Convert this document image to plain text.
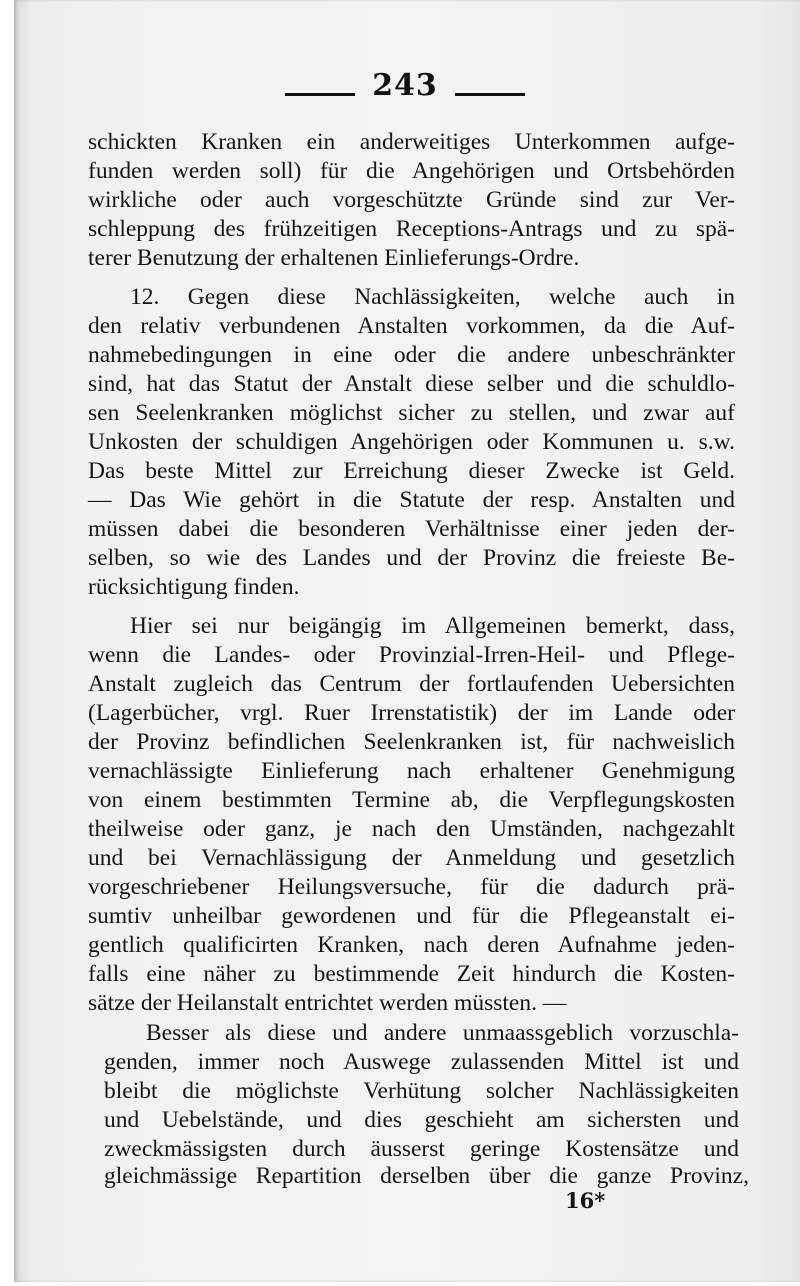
243
schickten Kranken ein anderweitiges Unterkommen aufge-
funden werden soll) für die Angehörigen und Ortsbehörden
wirkliche oder auch vorgeschützte Gründe sind zur Ver-
schleppung des frühzeitigen Receptions-Antrags und zu spä-
terer Benutzung der erhaltenen Einlieferungs-Ordre.
12. Gegen diese Nachlässigkeiten, welche auch in
den relativ verbundenen Anstalten vorkommen, da die Auf-
nahmebedingungen in eine oder die andere unbeschränkter
sind, hat das Statut der Anstalt diese selber und die schuldlo-
sen Seelenkranken möglichst sicher zu stellen, und zwar auf
Unkosten der schuldigen Angehörigen oder Kommunen u. s.w.
Das beste Mittel zur Erreichung dieser Zwecke ist Geld.
— Das Wie gehört in die Statute der resp. Anstalten und
müssen dabei die besonderen Verhältnisse einer jeden der-
selben, so wie des Landes und der Provinz die freieste Be-
rücksichtigung finden.
Hier sei nur beigängig im Allgemeinen bemerkt, dass,
wenn die Landes- oder Provinzial-Irren-Heil- und Pflege-
Anstalt zugleich das Centrum der fortlaufenden Uebersichten
(Lagerbücher, vrgl. Ruer Irrenstatistik) der im Lande oder
der Provinz befindlichen Seelenkranken ist, für nachweislich
vernachlässigte Einlieferung nach erhaltener Genehmigung
von einem bestimmten Termine ab, die Verpflegungskosten
theilweise oder ganz, je nach den Umständen, nachgezahlt
und bei Vernachlässigung der Anmeldung und gesetzlich
vorgeschriebener Heilungsversuche, für die dadurch prä-
sumtiv unheilbar gewordenen und für die Pflegeanstalt ei-
gentlich qualificirten Kranken, nach deren Aufnahme jeden-
falls eine näher zu bestimmende Zeit hindurch die Kosten-
sätze der Heilanstalt entrichtet werden müssten. —
Besser als diese und andere unmaassgeblich vorzuschla-
genden, immer noch Auswege zulassenden Mittel ist und
bleibt die möglichste Verhütung solcher Nachlässigkeiten
und Uebelstände, und dies geschieht am sichersten und
zweckmässigsten durch äusserst geringe Kostensätze und
gleichmässige Repartition derselben über die ganze Provinz,
16*
